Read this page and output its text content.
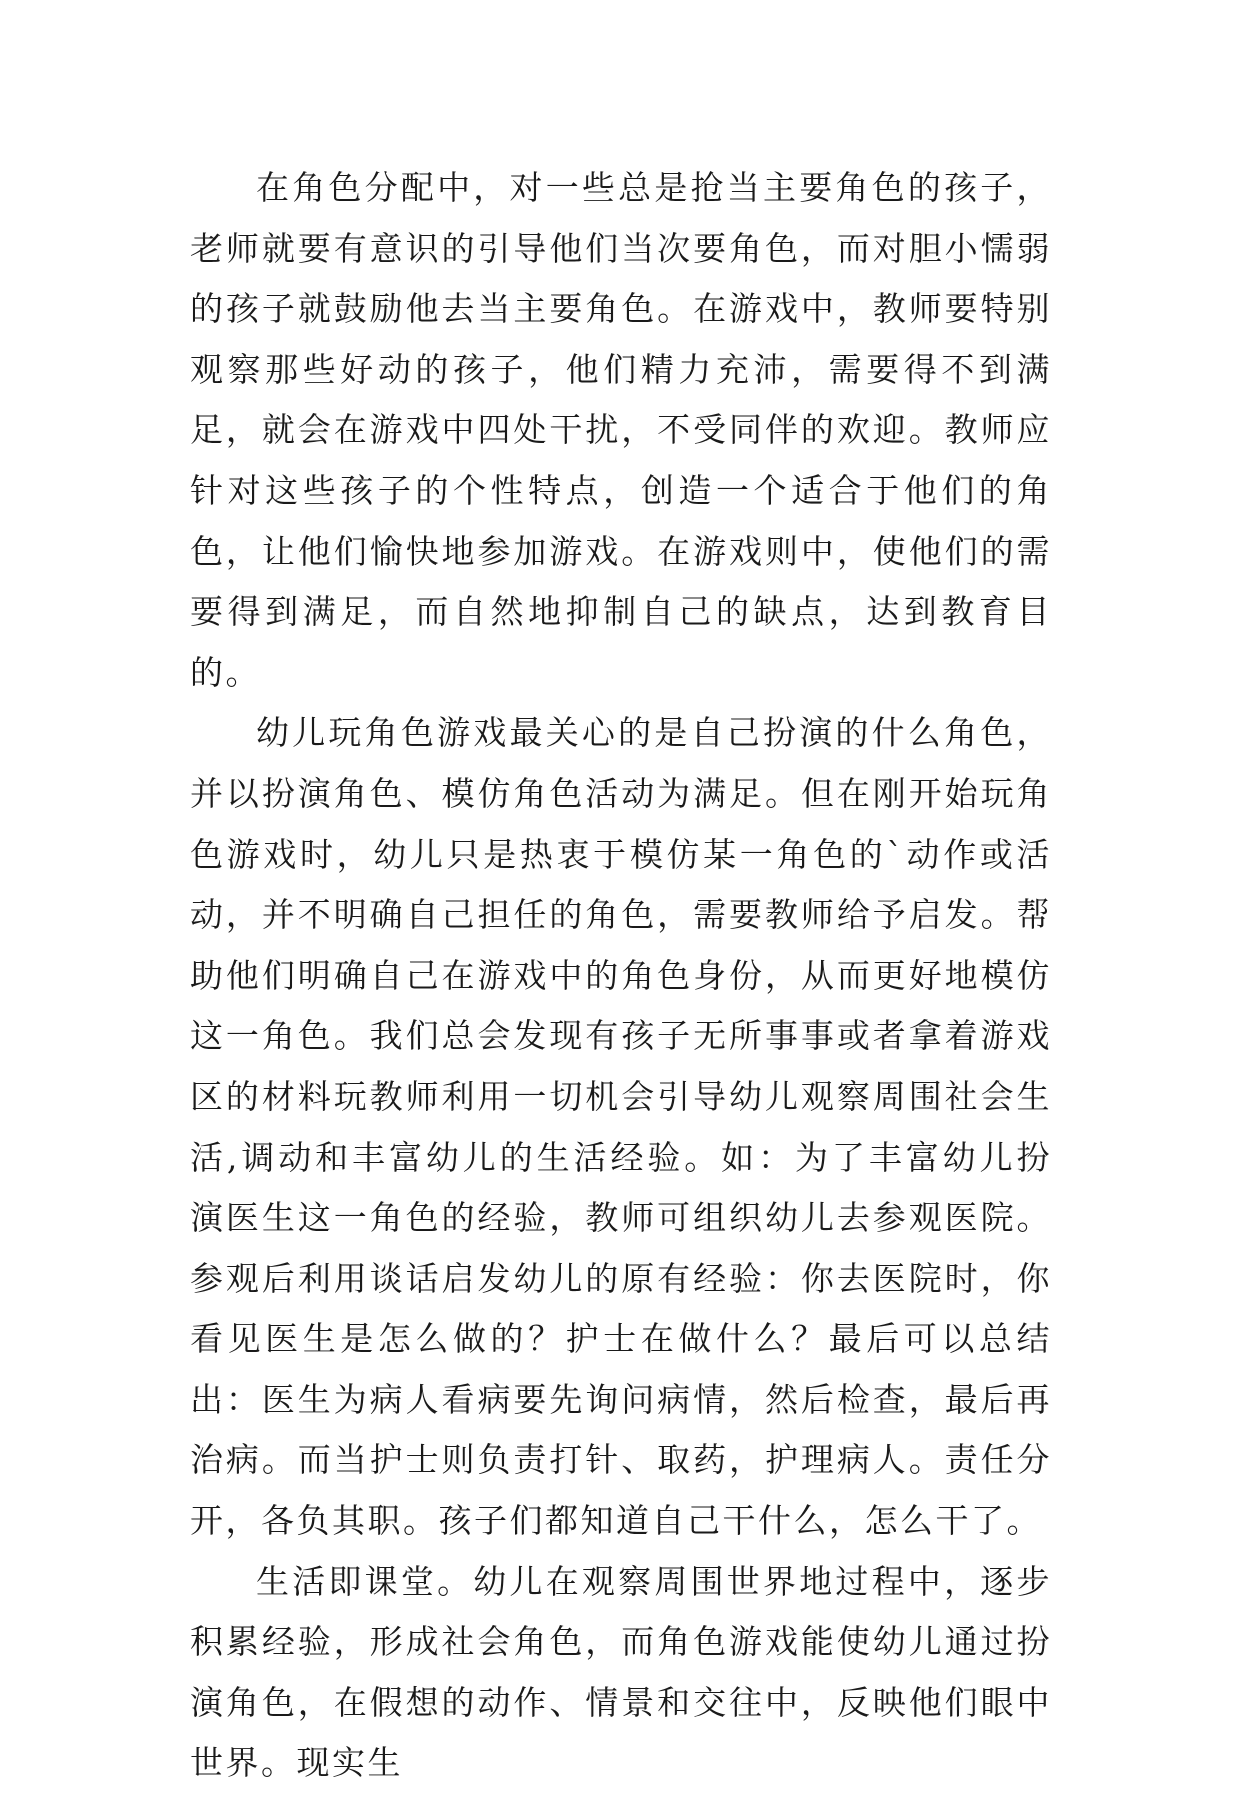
在角色分配中，对一些总是抢当主要角色的孩子，老师就要有意识的引导他们当次要角色，而对胆小懦弱的孩子就鼓励他去当主要角色。在游戏中，教师要特别观察那些好动的孩子，他们精力充沛，需要得不到满足，就会在游戏中四处干扰，不受同伴的欢迎。教师应针对这些孩子的个性特点，创造一个适合于他们的角色，让他们愉快地参加游戏。在游戏则中，使他们的需要得到满足，而自然地抑制自己的缺点，达到教育目的。

幼儿玩角色游戏最关心的是自己扮演的什么角色，并以扮演角色、模仿角色活动为满足。但在刚开始玩角色游戏时，幼儿只是热衷于模仿某一角色的`动作或活动，并不明确自己担任的角色，需要教师给予启发。帮助他们明确自己在游戏中的角色身份，从而更好地模仿这一角色。我们总会发现有孩子无所事事或者拿着游戏区的材料玩教师利用一切机会引导幼儿观察周围社会生活,调动和丰富幼儿的生活经验。如：为了丰富幼儿扮演医生这一角色的经验，教师可组织幼儿去参观医院。参观后利用谈话启发幼儿的原有经验：你去医院时，你看见医生是怎么做的？护士在做什么？最后可以总结出：医生为病人看病要先询问病情，然后检查，最后再治病。而当护士则负责打针、取药，护理病人。责任分开，各负其职。孩子们都知道自己干什么，怎么干了。

生活即课堂。幼儿在观察周围世界地过程中，逐步积累经验，形成社会角色，而角色游戏能使幼儿通过扮演角色，在假想的动作、情景和交往中，反映他们眼中世界。现实生
